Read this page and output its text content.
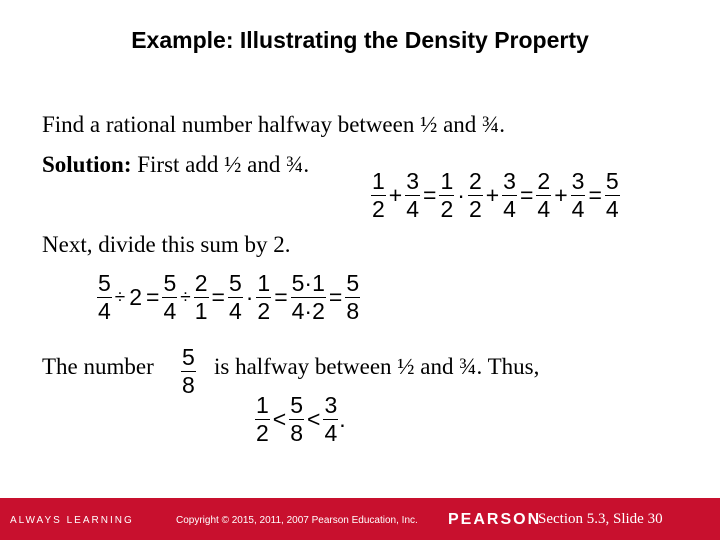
Example: Illustrating the Density Property
Find a rational number halfway between ½ and ¾.
Solution: First add ½ and ¾.
$\frac{1}{2} + \frac{3}{4} = \frac{1}{2} \cdot \frac{2}{2} + \frac{3}{4} = \frac{2}{4} + \frac{3}{4} = \frac{5}{4}$
Next, divide this sum by 2.
$\frac{5}{4} \div 2 = \frac{5}{4} \div \frac{2}{1} = \frac{5}{4} \cdot \frac{1}{2} = \frac{5\cdot 1}{4\cdot 2} = \frac{5}{8}$
The number $\frac{5}{8}$ is halfway between ½ and ¾. Thus,
$\frac{1}{2} < \frac{5}{8} < \frac{3}{4}$ .
ALWAYS LEARNING	Copyright © 2015, 2011, 2007 Pearson Education, Inc. PEARSON
Section 5.3, Slide 30
